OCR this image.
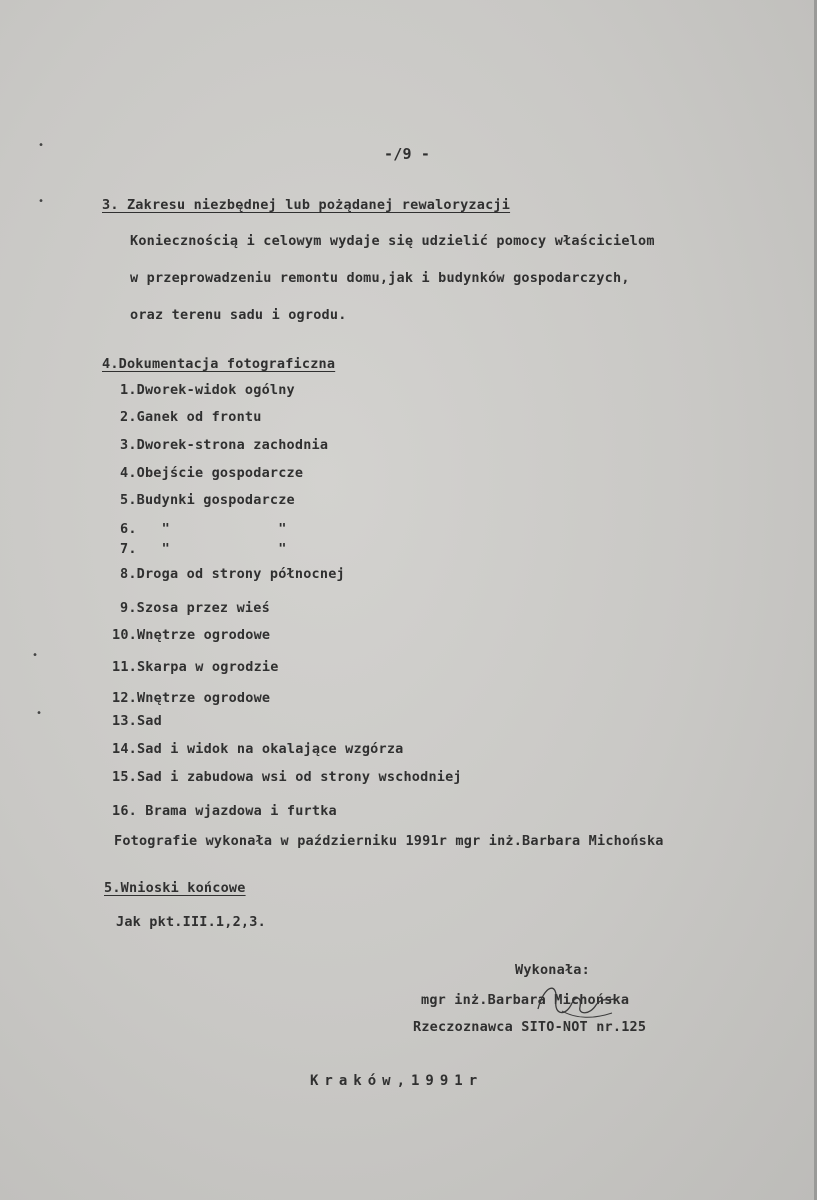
•
•
•
•
-/9 -
3. Zakresu niezbędnej lub pożądanej rewaloryzacji
Koniecznością i celowym wydaje się udzielić pomocy właścicielom
w przeprowadzeniu remontu domu,jak i budynków gospodarczych,
oraz terenu sadu i ogrodu.
4.Dokumentacja fotograficzna
1.Dworek-widok ogólny
2.Ganek od frontu
3.Dworek-strona zachodnia
4.Obejście gospodarcze
5.Budynki gospodarcze
6.   "             "
7.   "             "
8.Droga od strony północnej
9.Szosa przez wieś
10.Wnętrze ogrodowe
11.Skarpa w ogrodzie
12.Wnętrze ogrodowe
13.Sad
14.Sad i widok na okalające wzgórza
15.Sad i zabudowa wsi od strony wschodniej
16. Brama wjazdowa i furtka
Fotografie wykonała w październiku 1991r mgr inż.Barbara Michońska
5.Wnioski końcowe
Jak pkt.III.1,2,3.
Wykonała:
mgr inż.Barbara Michońska
Rzeczoznawca SITO-NOT nr.125
Kraków,1991r
